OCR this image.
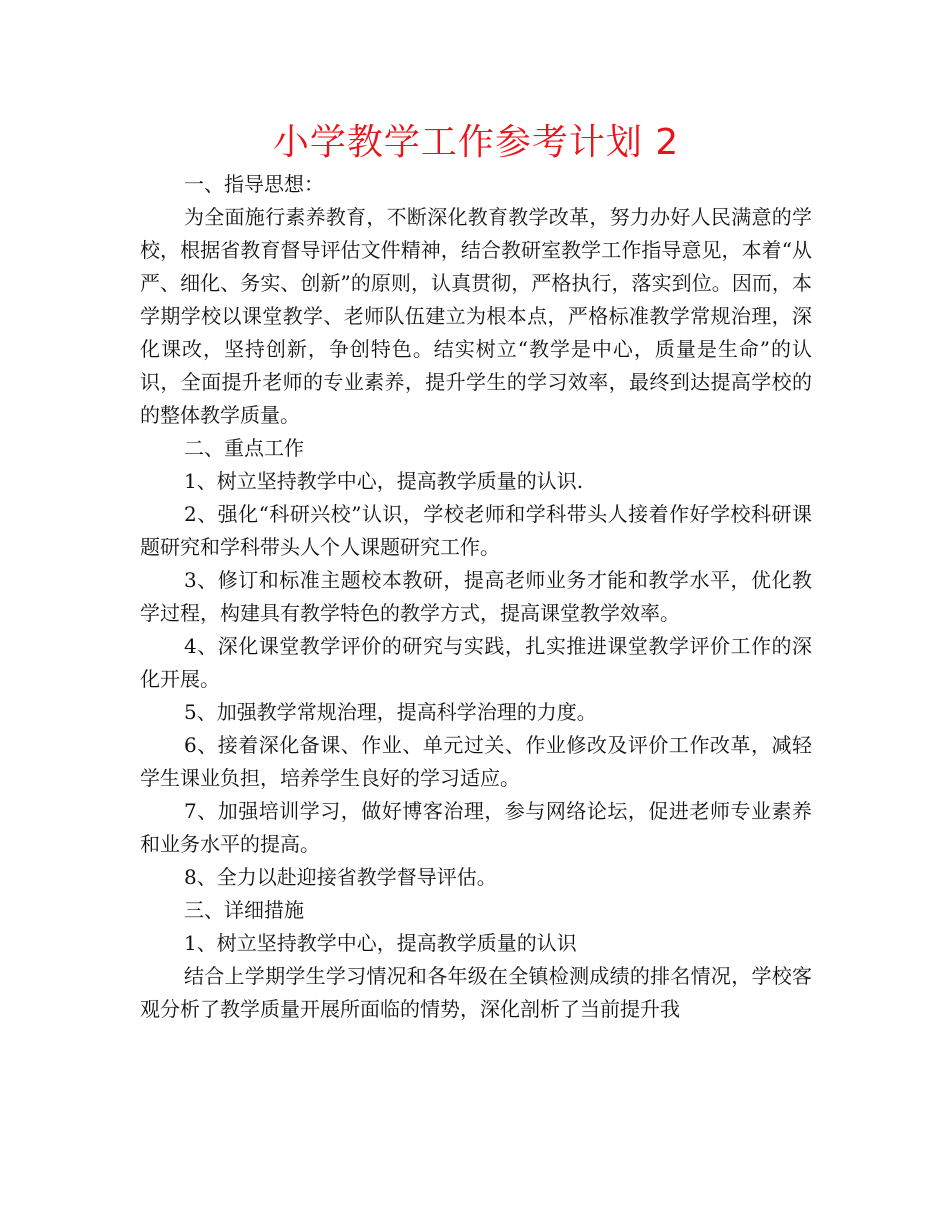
小学教学工作参考计划 2

一、指导思想：

为全面施行素养教育，不断深化教育教学改革，努力办好人民满意的学校，根据省教育督导评估文件精神，结合教研室教学工作指导意见，本着“从严、细化、务实、创新”的原则，认真贯彻，严格执行，落实到位。因而，本学期学校以课堂教学、老师队伍建立为根本点，严格标准教学常规治理，深化课改，坚持创新，争创特色。结实树立“教学是中心，质量是生命”的认识，全面提升老师的专业素养，提升学生的学习效率，最终到达提高学校的的整体教学质量。

二、重点工作

1、树立坚持教学中心，提高教学质量的认识.

2、强化“科研兴校”认识，学校老师和学科带头人接着作好学校科研课题研究和学科带头人个人课题研究工作。

3、修订和标准主题校本教研，提高老师业务才能和教学水平，优化教学过程，构建具有教学特色的教学方式，提高课堂教学效率。

4、深化课堂教学评价的研究与实践，扎实推进课堂教学评价工作的深化开展。

5、加强教学常规治理，提高科学治理的力度。

6、接着深化备课、作业、单元过关、作业修改及评价工作改革，减轻学生课业负担，培养学生良好的学习适应。

7、加强培训学习，做好博客治理，参与网络论坛，促进老师专业素养和业务水平的提高。

8、全力以赴迎接省教学督导评估。

三、详细措施

1、树立坚持教学中心，提高教学质量的认识

结合上学期学生学习情况和各年级在全镇检测成绩的排名情况，学校客观分析了教学质量开展所面临的情势，深化剖析了当前提升我
